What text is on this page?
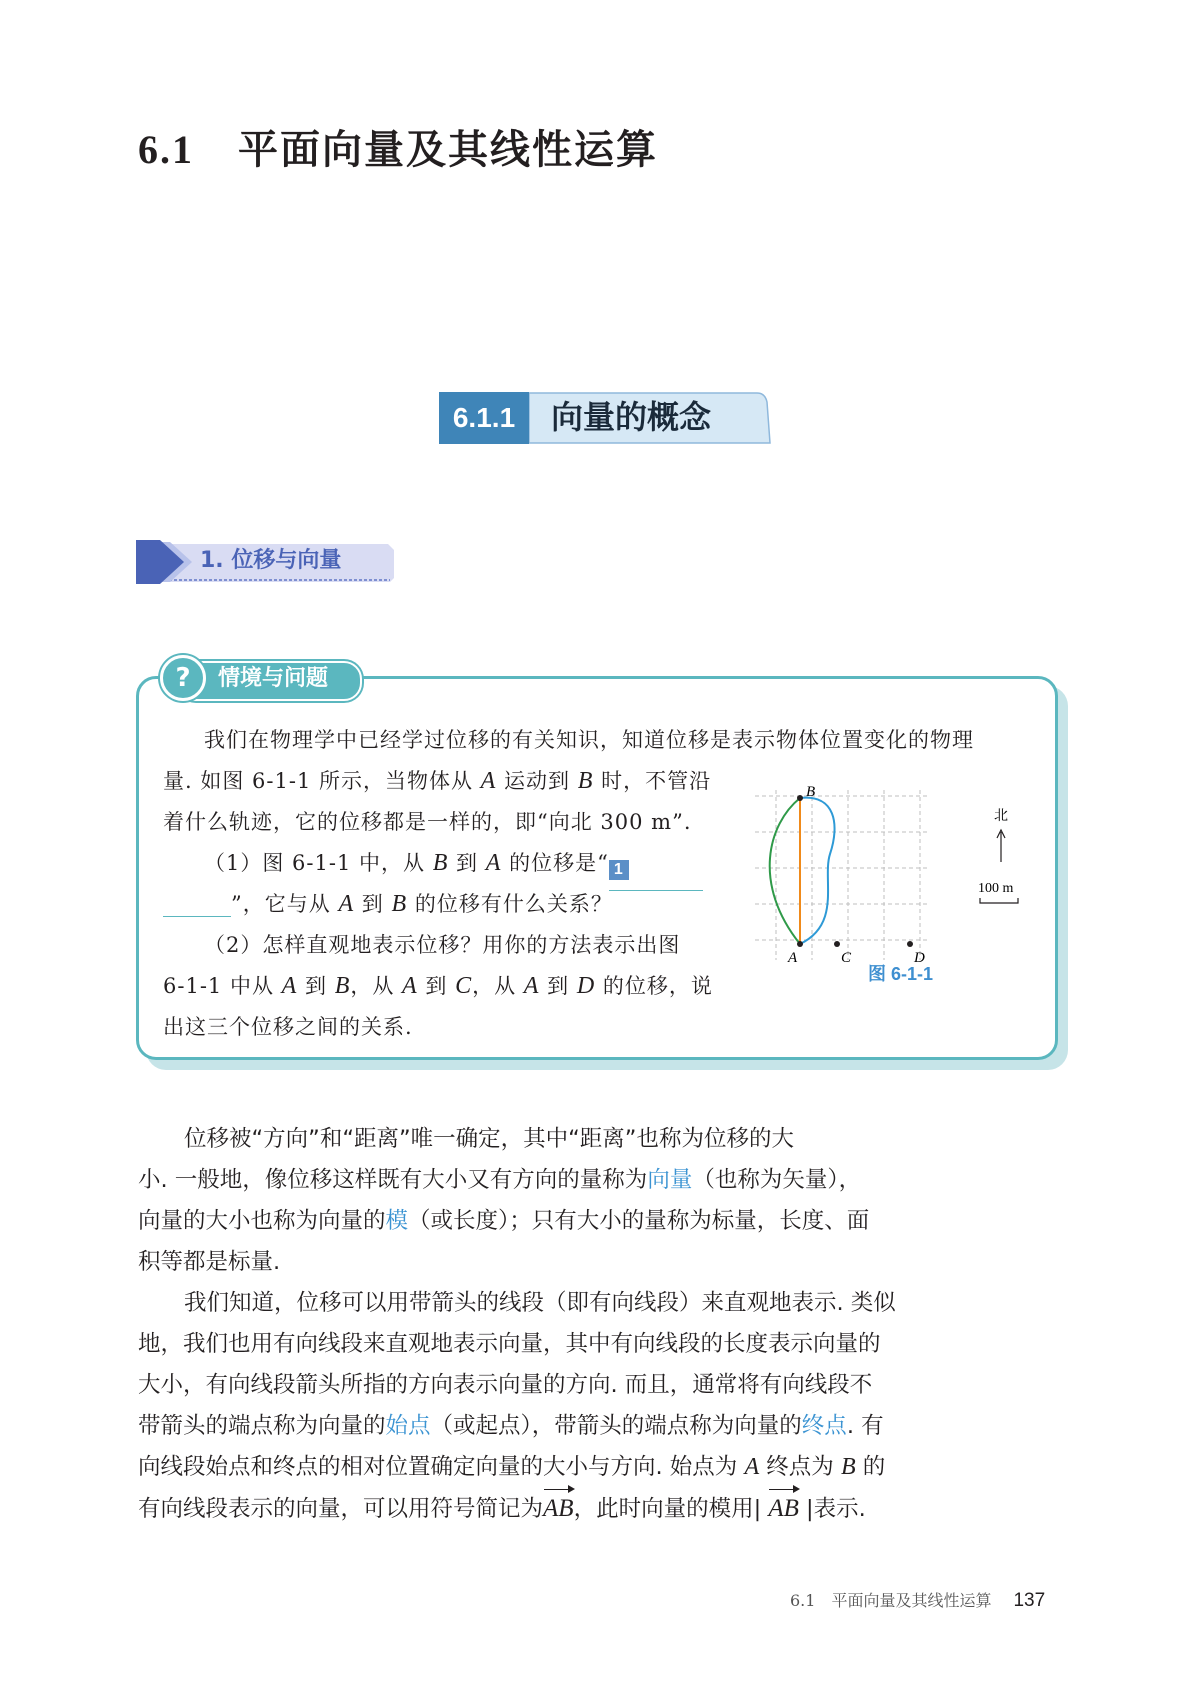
6.1 平面向量及其线性运算
6.1.1	向量的概念
1. 位移与向量
?	情境与问题
我们在物理学中已经学过位移的有关知识，知道位移是表示物体位置变化的物理
量. 如图 6-1-1 所示，当物体从 A 运动到 B 时，不管沿
着什么轨迹，它的位移都是一样的，即“向北 300 m”.
（1）图 6-1-1 中，从 B 到 A 的位移是“ 1
”，它与从 A 到 B 的位移有什么关系？
（2）怎样直观地表示位移？用你的方法表示出图
6-1-1 中从 A 到 B，从 A 到 C，从 A 到 D 的位移，说
出这三个位移之间的关系.
B
A	C	D
北
100 m
图 6-1-1
位移被“方向”和“距离”唯一确定，其中“距离”也称为位移的大
小. 一般地，像位移这样既有大小又有方向的量称为向量（也称为矢量），
向量的大小也称为向量的模（或长度）；只有大小的量称为标量，长度、面
积等都是标量.
我们知道，位移可以用带箭头的线段（即有向线段）来直观地表示. 类似
地，我们也用有向线段来直观地表示向量，其中有向线段的长度表示向量的
大小，有向线段箭头所指的方向表示向量的方向. 而且，通常将有向线段不
带箭头的端点称为向量的始点（或起点），带箭头的端点称为向量的终点. 有
向线段始点和终点的相对位置确定向量的大小与方向. 始点为 A 终点为 B 的
有向线段表示的向量，可以用符号简记为AB，此时向量的模用| AB |表示.
6.1　平面向量及其线性运算 137
